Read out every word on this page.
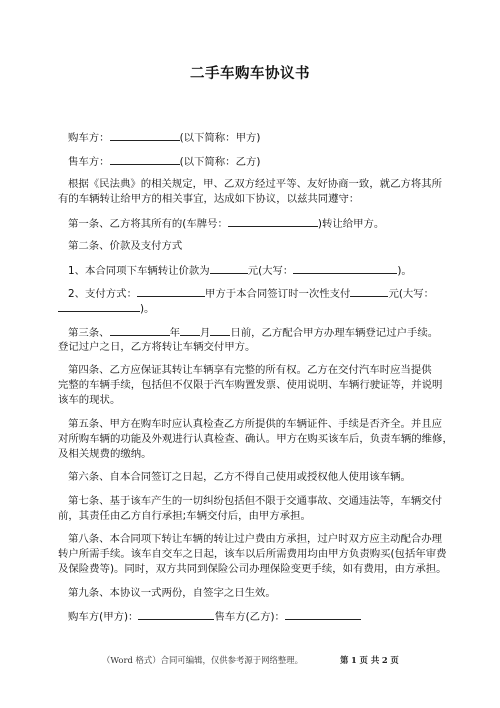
二手车购车协议书
购车方：	(以下简称：甲方)
售车方：	(以下简称：乙方)
根据《民法典》的相关规定，甲、乙双方经过平等、友好协商一致，就乙方将其所
有的车辆转让给甲方的相关事宜，达成如下协议，以兹共同遵守：
第一条、乙方将其所有的(车牌号：	)转让给甲方。
第二条、价款及支付方式
1、本合同项下车辆转让价款为	元(大写：	)。
2、支付方式：	甲方于本合同签订时一次性支付	元(大写：
)。
第三条、	年 月 日前，乙方配合甲方办理车辆登记过户手续。
登记过户之日，乙方将转让车辆交付甲方。
第四条、乙方应保证其转让车辆享有完整的所有权。乙方在交付汽车时应当提供
完整的车辆手续，包括但不仅限于汽车购置发票、使用说明、车辆行驶证等，并说明
该车的现状。
第五条、甲方在购车时应认真检查乙方所提供的车辆证件、手续是否齐全。并且应
对所购车辆的功能及外观进行认真检查、确认。甲方在购买该车后，负责车辆的维修，
及相关规费的缴纳。
第六条、自本合同签订之日起，乙方不得自己使用或授权他人使用该车辆。
第七条、基于该车产生的一切纠纷包括但不限于交通事故、交通违法等，车辆交付
前，其责任由乙方自行承担;车辆交付后，由甲方承担。
第八条、本合同项下转让车辆的转让过户费由方承担，过户时双方应主动配合办理
转户所需手续。该车自交车之日起，该车以后所需费用均由甲方负责购买(包括年审费
及保险费等)。同时，双方共同到保险公司办理保险变更手续，如有费用，由方承担。
第九条、本协议一式两份，自签字之日生效。
购车方(甲方)：	售车方(乙方)：
（Word 格式）合同可编辑，仅供参考源于网络整理。	第 1 页 共 2 页
